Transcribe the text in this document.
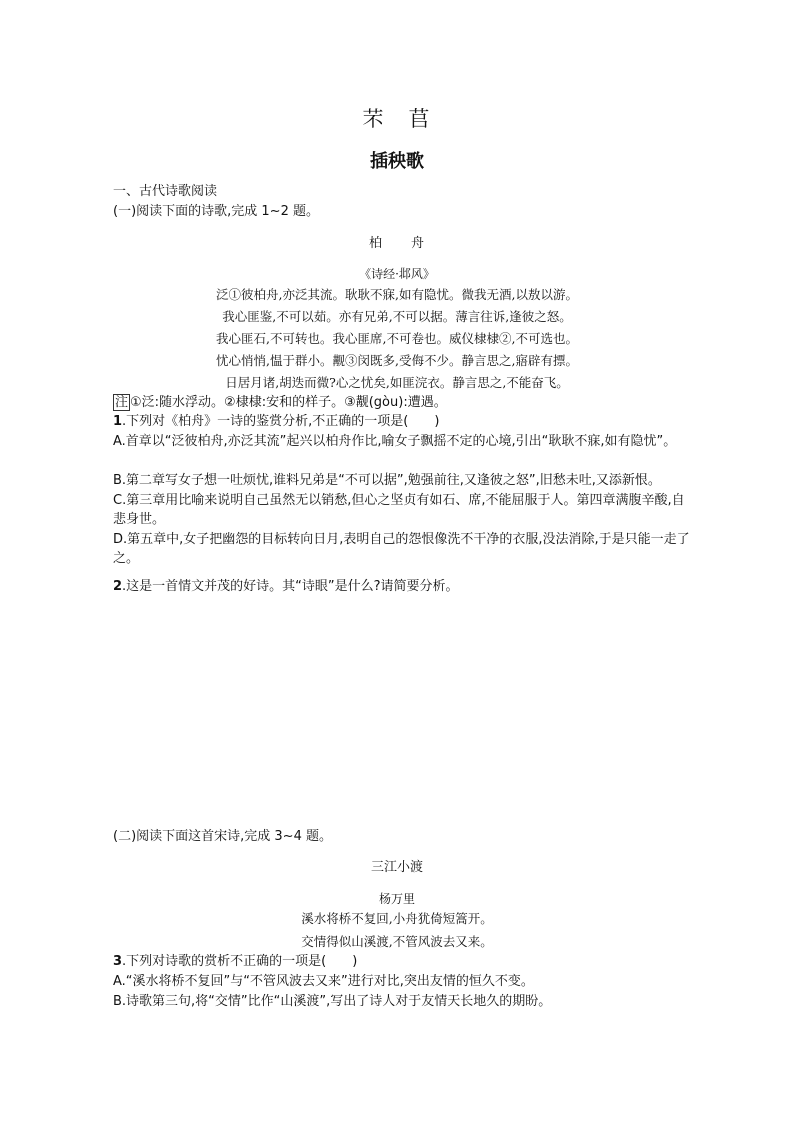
芣　苢
插秧歌
一、古代诗歌阅读
(一)阅读下面的诗歌,完成 1~2 题。
柏　　舟
《诗经·邶风》
泛①彼柏舟,亦泛其流。耿耿不寐,如有隐忧。微我无酒,以敖以游。
我心匪鉴,不可以茹。亦有兄弟,不可以据。薄言往诉,逢彼之怒。
我心匪石,不可转也。我心匪席,不可卷也。威仪棣棣②,不可选也。
忧心悄悄,愠于群小。觏③闵既多,受侮不少。静言思之,寤辟有摽。
日居月诸,胡迭而微?心之忧矣,如匪浣衣。静言思之,不能奋飞。
注 ①泛:随水浮动。②棣棣:安和的样子。③觏(gòu):遭遇。
1.下列对《柏舟》一诗的鉴赏分析,不正确的一项是(　　)
A.首章以“泛彼柏舟,亦泛其流”起兴以柏舟作比,喻女子飘摇不定的心境,引出“耿耿不寐,如有隐忧”。
B.第二章写女子想一吐烦忧,谁料兄弟是“不可以据”,勉强前往,又逢彼之怒”,旧愁未吐,又添新恨。
C.第三章用比喻来说明自己虽然无以销愁,但心之坚贞有如石、席,不能屈服于人。第四章满腹辛酸,自悲身世。
D.第五章中,女子把幽怨的目标转向日月,表明自己的怨恨像洗不干净的衣服,没法消除,于是只能一走了之。
2.这是一首情文并茂的好诗。其“诗眼”是什么?请简要分析。
(二)阅读下面这首宋诗,完成 3~4 题。
三江小渡
杨万里
溪水将桥不复回,小舟犹倚短篙开。
交情得似山溪渡,不管风波去又来。
3.下列对诗歌的赏析不正确的一项是(　　)
A.“溪水将桥不复回”与“不管风波去又来”进行对比,突出友情的恒久不变。
B.诗歌第三句,将“交情”比作“山溪渡”,写出了诗人对于友情天长地久的期盼。
